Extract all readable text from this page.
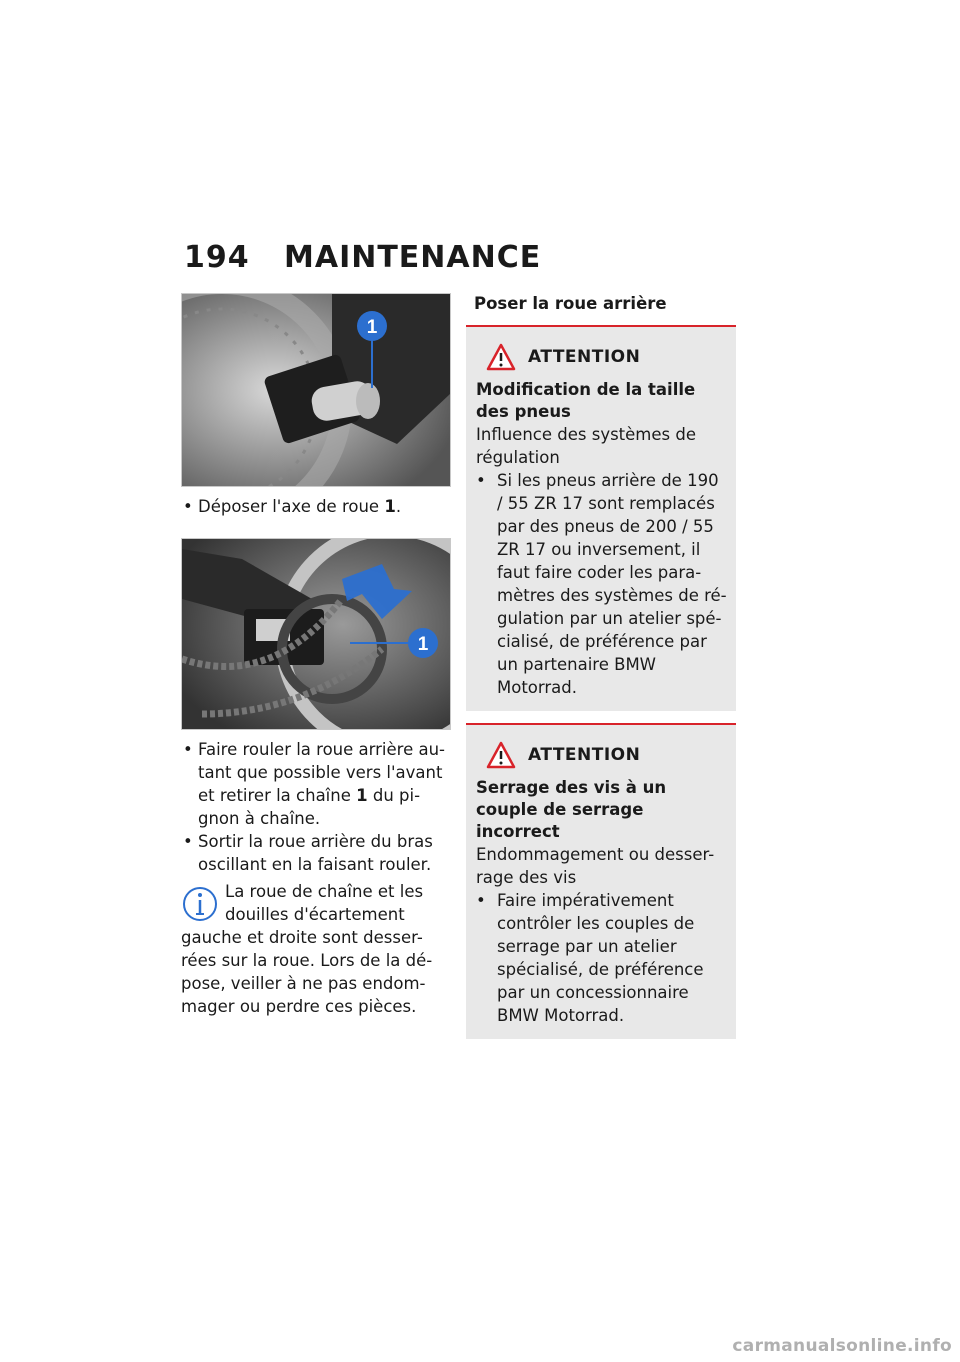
194	MAINTENANCE
1

• Déposer l'axe de roue 1.

1

• Faire rouler la roue arrière au-tant que possible vers l'avant et retirer la chaîne 1 du pi-gnon à chaîne.

• Sortir la roue arrière du bras oscillant en la faisant rouler.

La roue de chaîne et les douilles d'écartement gauche et droite sont desser-rées sur la roue. Lors de la dé-pose, veiller à ne pas endom-mager ou perdre ces pièces.

Poser la roue arrière

ATTENTION

Modification de la taille des pneus

Influence des systèmes de régulation

• Si les pneus arrière de 190 / 55 ZR 17 sont remplacés par des pneus de 200 / 55 ZR 17 ou inversement, il faut faire coder les para-mètres des systèmes de ré-gulation par un atelier spé-cialisé, de préférence par un partenaire BMW Motorrad.

ATTENTION

Serrage des vis à un couple de serrage incorrect

Endommagement ou desser-rage des vis

• Faire impérativement contrôler les couples de serrage par un atelier spécialisé, de préférence par un concessionnaire BMW Motorrad.

carmanualsonline.info
